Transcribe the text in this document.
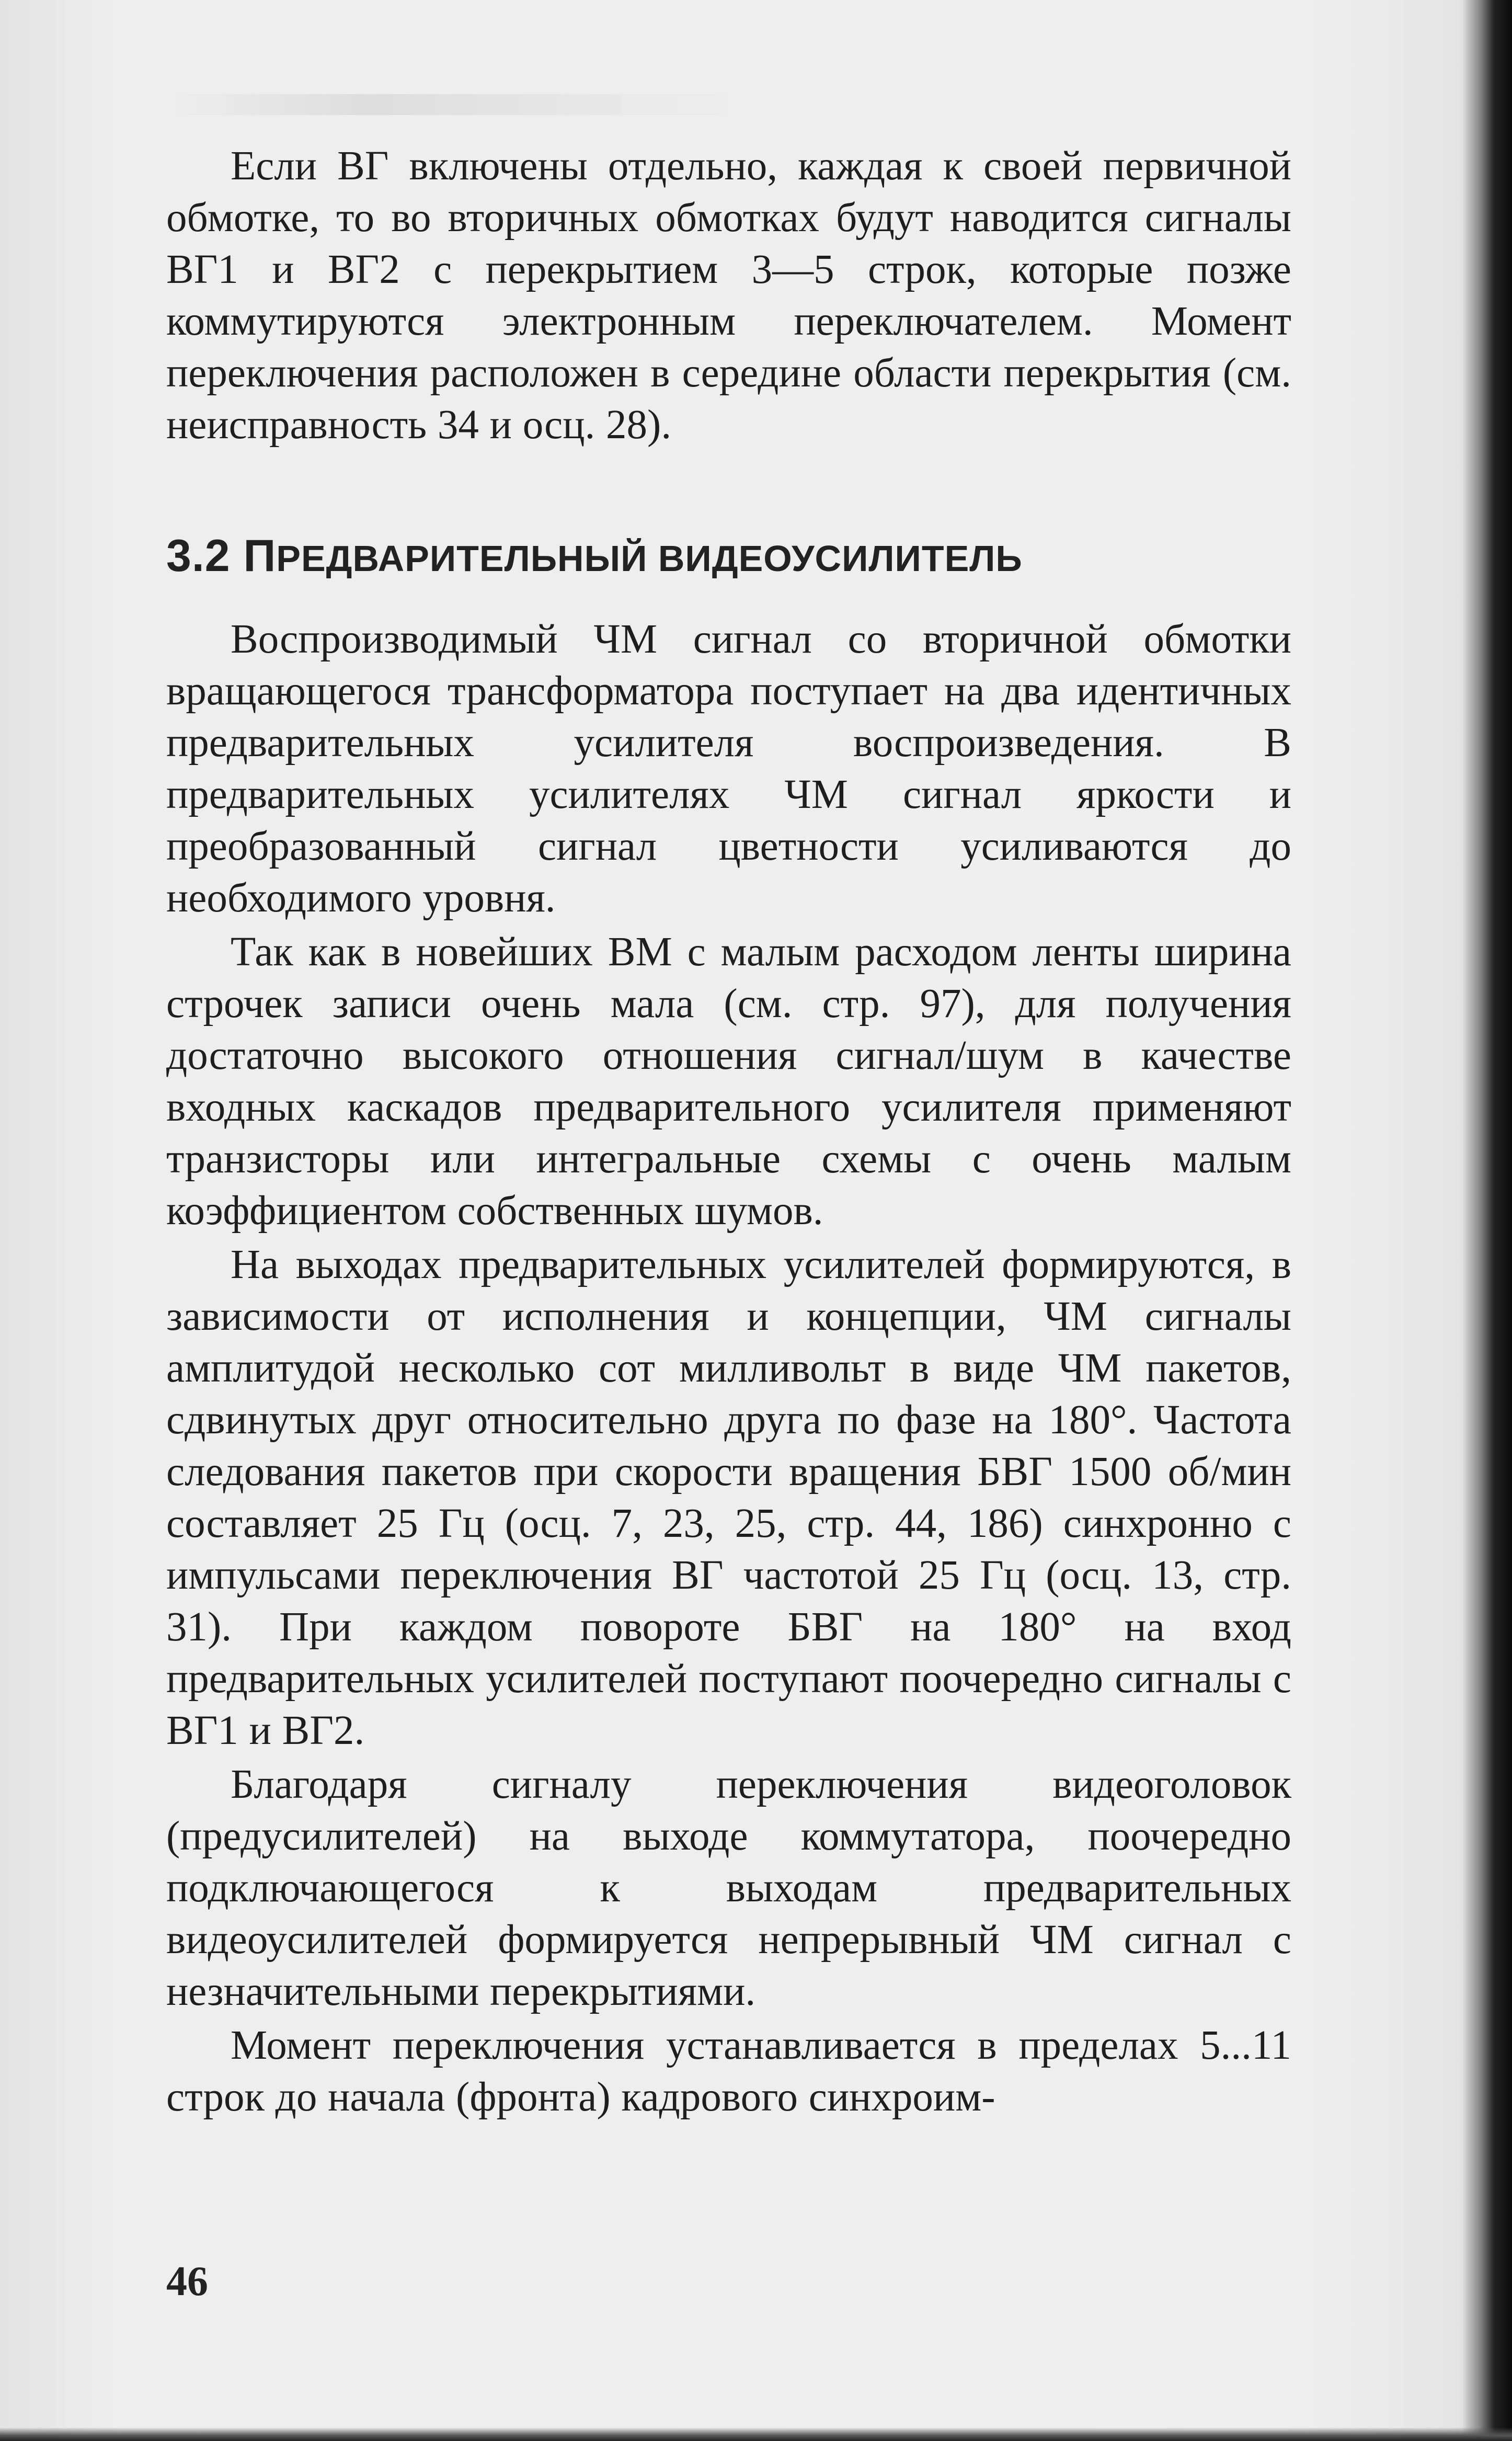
Если ВГ включены отдельно, каждая к своей первичной обмотке, то во вторичных обмотках будут наводится сигналы ВГ1 и ВГ2 с перекрытием 3—5 строк, которые позже коммутируются электронным переключателем. Момент переключения расположен в середине области перекрытия (см. неисправность 34 и осц. 28).

3.2 ПРЕДВАРИТЕЛЬНЫЙ ВИДЕОУСИЛИТЕЛЬ

Воспроизводимый ЧМ сигнал со вторичной обмотки вращающегося трансформатора поступает на два идентичных предварительных усилителя воспроизведения. В предварительных усилителях ЧМ сигнал яркости и преобразованный сигнал цветности усиливаются до необходимого уровня.

Так как в новейших ВМ с малым расходом ленты ширина строчек записи очень мала (см. стр. 97), для получения достаточно высокого отношения сигнал/шум в качестве входных каскадов предварительного усилителя применяют транзисторы или интегральные схемы с очень малым коэффициентом собственных шумов.

На выходах предварительных усилителей формируются, в зависимости от исполнения и концепции, ЧМ сигналы амплитудой несколько сот милливольт в виде ЧМ пакетов, сдвинутых друг относительно друга по фазе на 180°. Частота следования пакетов при скорости вращения БВГ 1500 об/мин составляет 25 Гц (осц. 7, 23, 25, стр. 44, 186) синхронно с импульсами переключения ВГ частотой 25 Гц (осц. 13, стр. 31). При каждом повороте БВГ на 180° на вход предварительных усилителей поступают поочередно сигналы с ВГ1 и ВГ2.

Благодаря сигналу переключения видеоголовок (предусилителей) на выходе коммутатора, поочередно подключающегося к выходам предварительных видеоусилителей формируется непрерывный ЧМ сигнал с незначительными перекрытиями.

Момент переключения устанавливается в пределах 5...11 строк до начала (фронта) кадрового синхроим-

46
